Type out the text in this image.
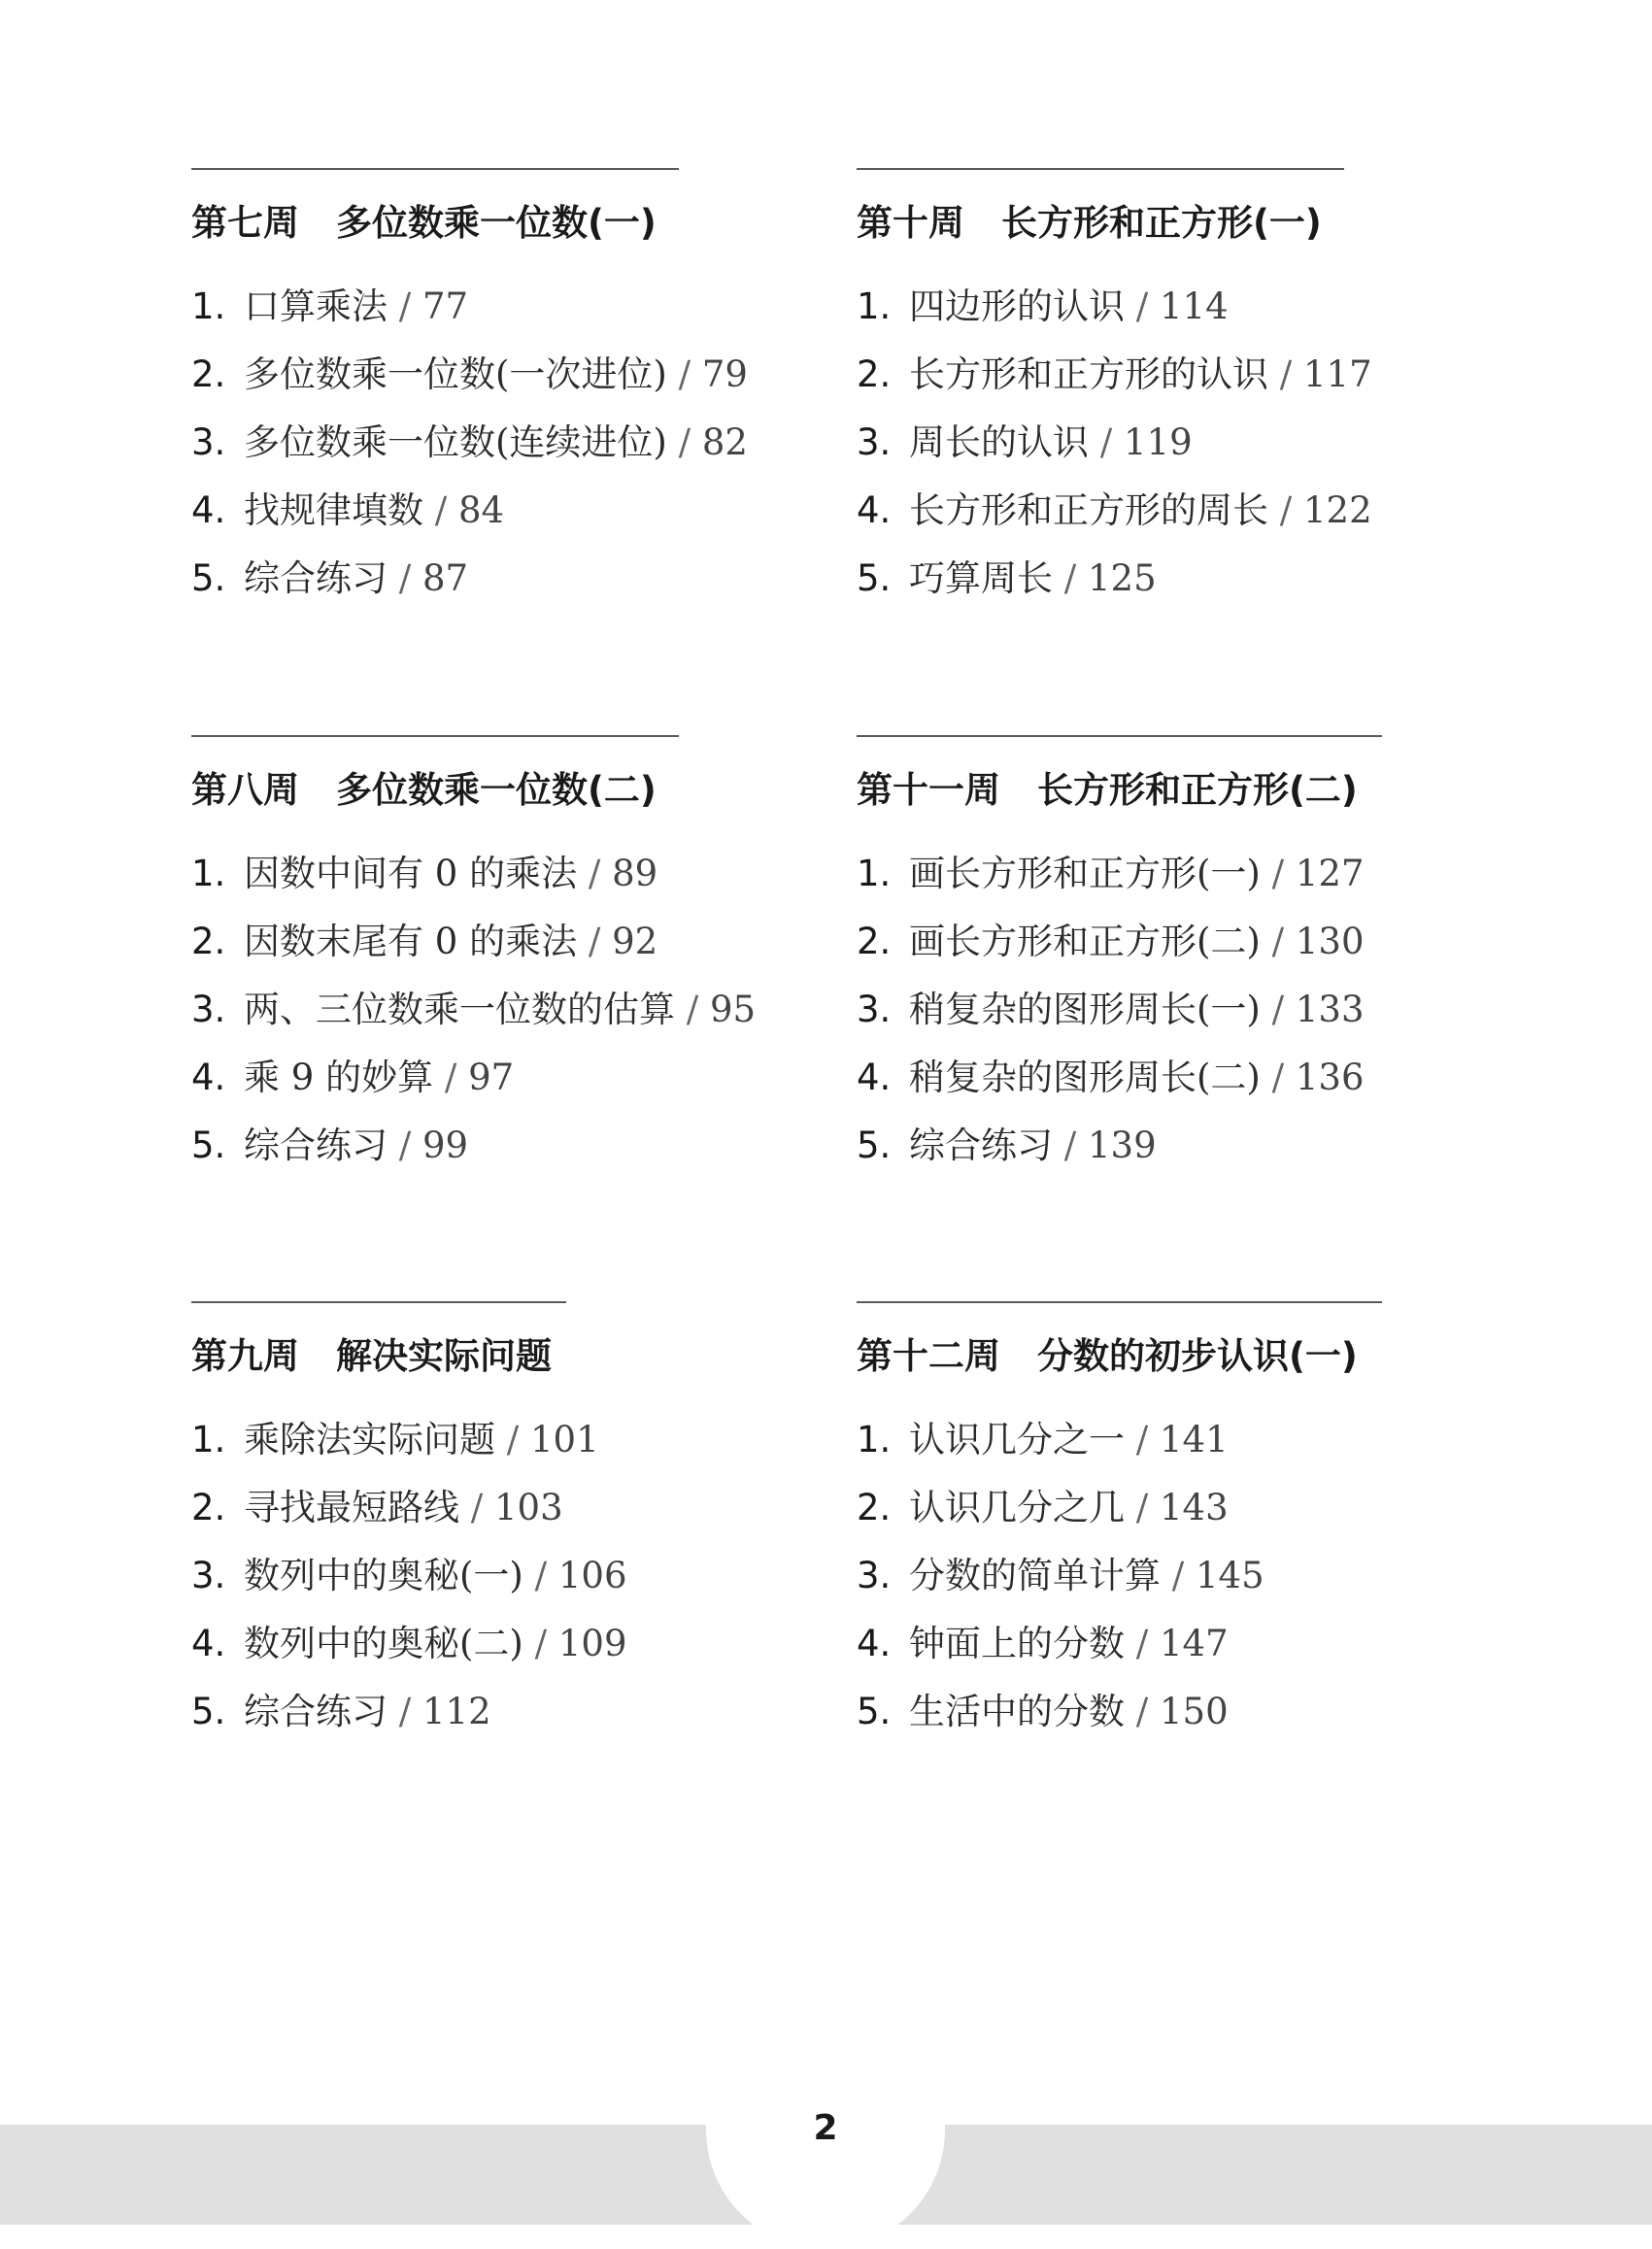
第七周 多位数乘一位数(一)
1. 口算乘法 / 77
2. 多位数乘一位数(一次进位) / 79
3. 多位数乘一位数(连续进位) / 82
4. 找规律填数 / 84
5. 综合练习 / 87
第八周 多位数乘一位数(二)
1. 因数中间有 0 的乘法 / 89
2. 因数末尾有 0 的乘法 / 92
3. 两、三位数乘一位数的估算 / 95
4. 乘 9 的妙算 / 97
5. 综合练习 / 99
第九周 解决实际问题
1. 乘除法实际问题 / 101
2. 寻找最短路线 / 103
3. 数列中的奥秘(一) / 106
4. 数列中的奥秘(二) / 109
5. 综合练习 / 112
第十周 长方形和正方形(一)
1. 四边形的认识 / 114
2. 长方形和正方形的认识 / 117
3. 周长的认识 / 119
4. 长方形和正方形的周长 / 122
5. 巧算周长 / 125
第十一周 长方形和正方形(二)
1. 画长方形和正方形(一) / 127
2. 画长方形和正方形(二) / 130
3. 稍复杂的图形周长(一) / 133
4. 稍复杂的图形周长(二) / 136
5. 综合练习 / 139
第十二周 分数的初步认识(一)
1. 认识几分之一 / 141
2. 认识几分之几 / 143
3. 分数的简单计算 / 145
4. 钟面上的分数 / 147
5. 生活中的分数 / 150
2
